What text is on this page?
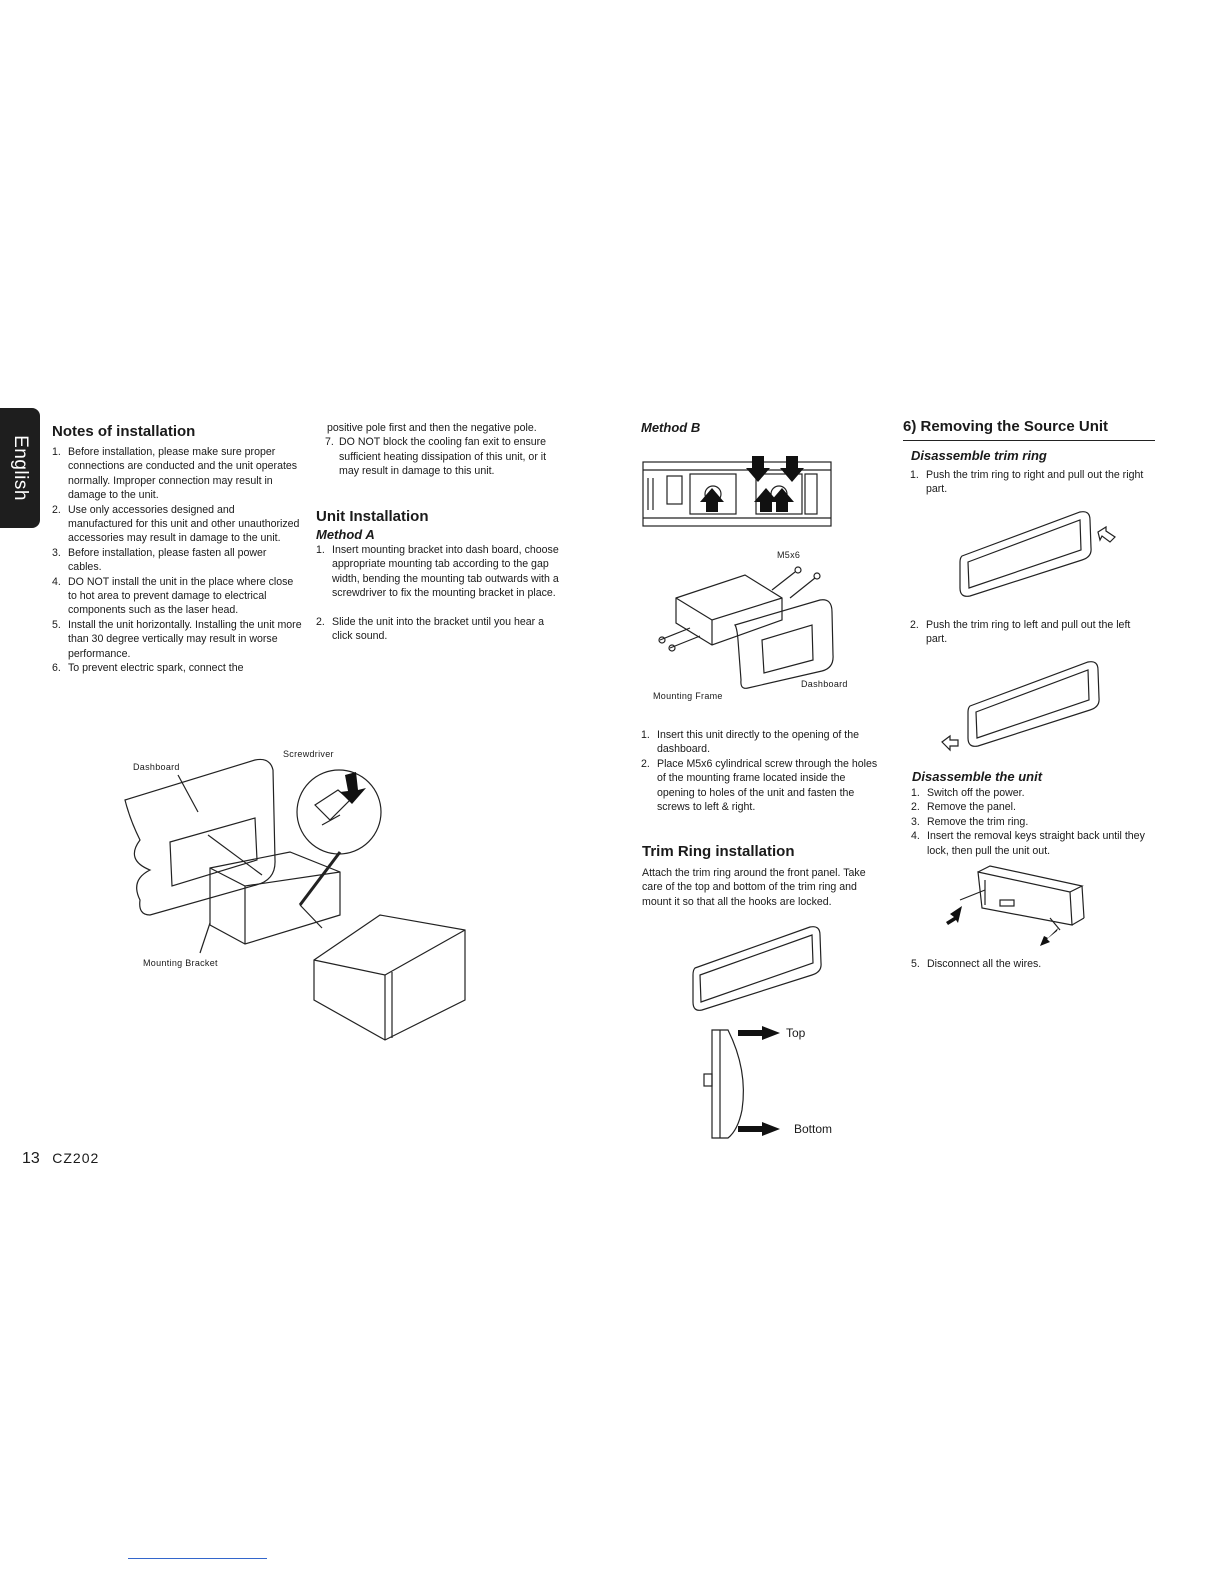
English
Notes of installation
1. Before installation, please make sure proper connections are conducted and the unit operates normally. Improper connection may result in damage to the unit.
2. Use only accessories designed and manufactured for this unit and other unauthorized accessories may result in damage to the unit.
3. Before installation, please fasten all power cables.
4. DO NOT install the unit in the place where close to hot area to prevent damage to electrical components such as the laser head.
5. Install the unit horizontally. Installing the unit more than 30 degree vertically may result in worse performance.
6. To prevent electric spark, connect the
positive pole first and then the negative pole.
7. DO NOT block the cooling fan exit to ensure sufficient heating dissipation of this unit, or it may result in damage to this unit.
Unit Installation
Method A
1. Insert mounting bracket into dash board, choose appropriate mounting tab according to the gap width, bending the mounting tab outwards with a screwdriver to fix the mounting bracket in place.
2. Slide the unit into the bracket until you hear a click sound.
Screwdriver
Dashboard
Mounting Bracket
Method B
M5x6
Dashboard
Mounting Frame
1. Insert this unit directly to the opening of the dashboard.
2. Place M5x6 cylindrical screw through the holes of the mounting frame located inside the opening to holes of the unit and fasten the screws to left & right.
Trim Ring installation
Attach the trim ring around the front panel. Take care of the top and bottom of the trim ring and mount it so that all the hooks are locked.
Top
Bottom
6) Removing the Source Unit
Disassemble trim ring
1. Push the trim ring to right and pull out the right part.
2. Push the trim ring to left and pull out the left part.
Disassemble the unit
1. Switch off the power.
2. Remove the panel.
3. Remove the trim ring.
4. Insert the removal keys straight back until they lock, then pull the unit out.
5. Disconnect all the wires.
13 CZ202
